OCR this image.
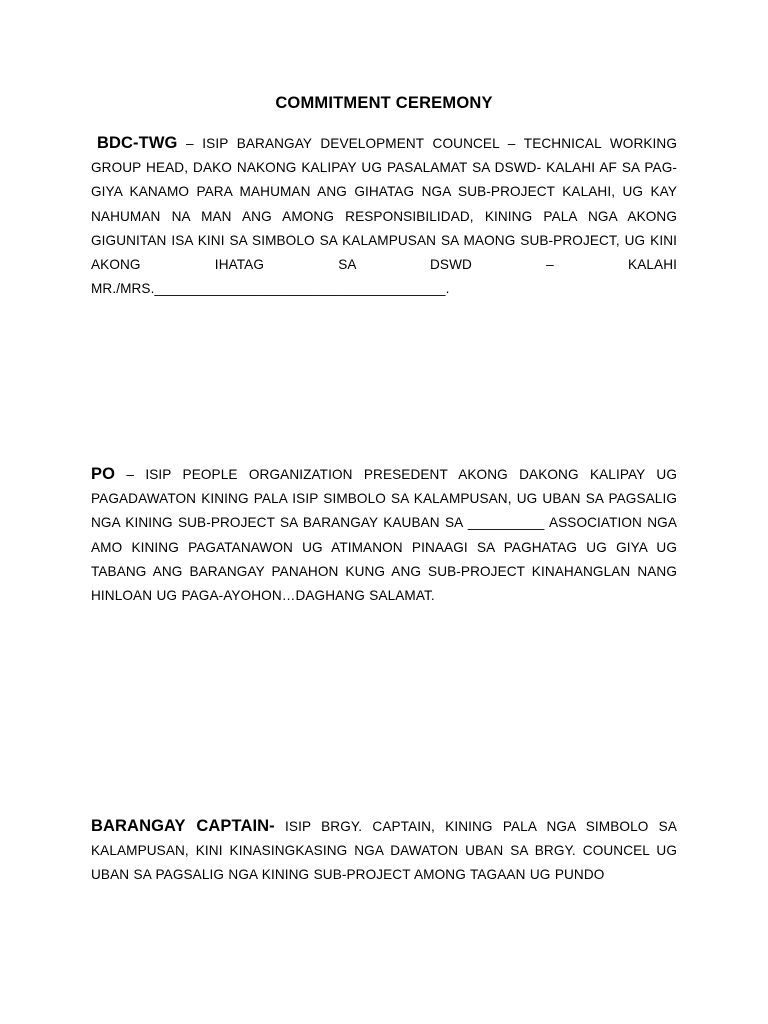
COMMITMENT CEREMONY
BDC-TWG – ISIP BARANGAY DEVELOPMENT COUNCEL – TECHNICAL WORKING GROUP HEAD, DAKO NAKONG KALIPAY UG PASALAMAT SA DSWD- KALAHI AF SA PAG-GIYA KANAMO PARA MAHUMAN ANG GIHATAG NGA SUB-PROJECT KALAHI, UG KAY NAHUMAN NA MAN ANG AMONG RESPONSIBILIDAD, KINING PALA NGA AKONG GIGUNITAN ISA KINI SA SIMBOLO SA KALAMPUSAN SA MAONG SUB-PROJECT, UG KINI AKONG IHATAG SA DSWD – KALAHI MR./MRS.______________________________________.
PO – ISIP PEOPLE ORGANIZATION PRESEDENT AKONG DAKONG KALIPAY UG PAGADAWATON KINING PALA ISIP SIMBOLO SA KALAMPUSAN, UG UBAN SA PAGSALIG NGA KINING SUB-PROJECT SA BARANGAY KAUBAN SA __________ ASSOCIATION NGA AMO KINING PAGATANAWON UG ATIMANON PINAAGI SA PAGHATAG UG GIYA UG TABANG ANG BARANGAY PANAHON KUNG ANG SUB-PROJECT KINAHANGLAN NANG HINLOAN UG PAGA-AYOHON…DAGHANG SALAMAT.
BARANGAY CAPTAIN- ISIP BRGY. CAPTAIN, KINING PALA NGA SIMBOLO SA KALAMPUSAN, KINI KINASINGKASING NGA DAWATON UBAN SA BRGY. COUNCEL UG UBAN SA PAGSALIG NGA KINING SUB-PROJECT AMONG TAGAAN UG PUNDO
